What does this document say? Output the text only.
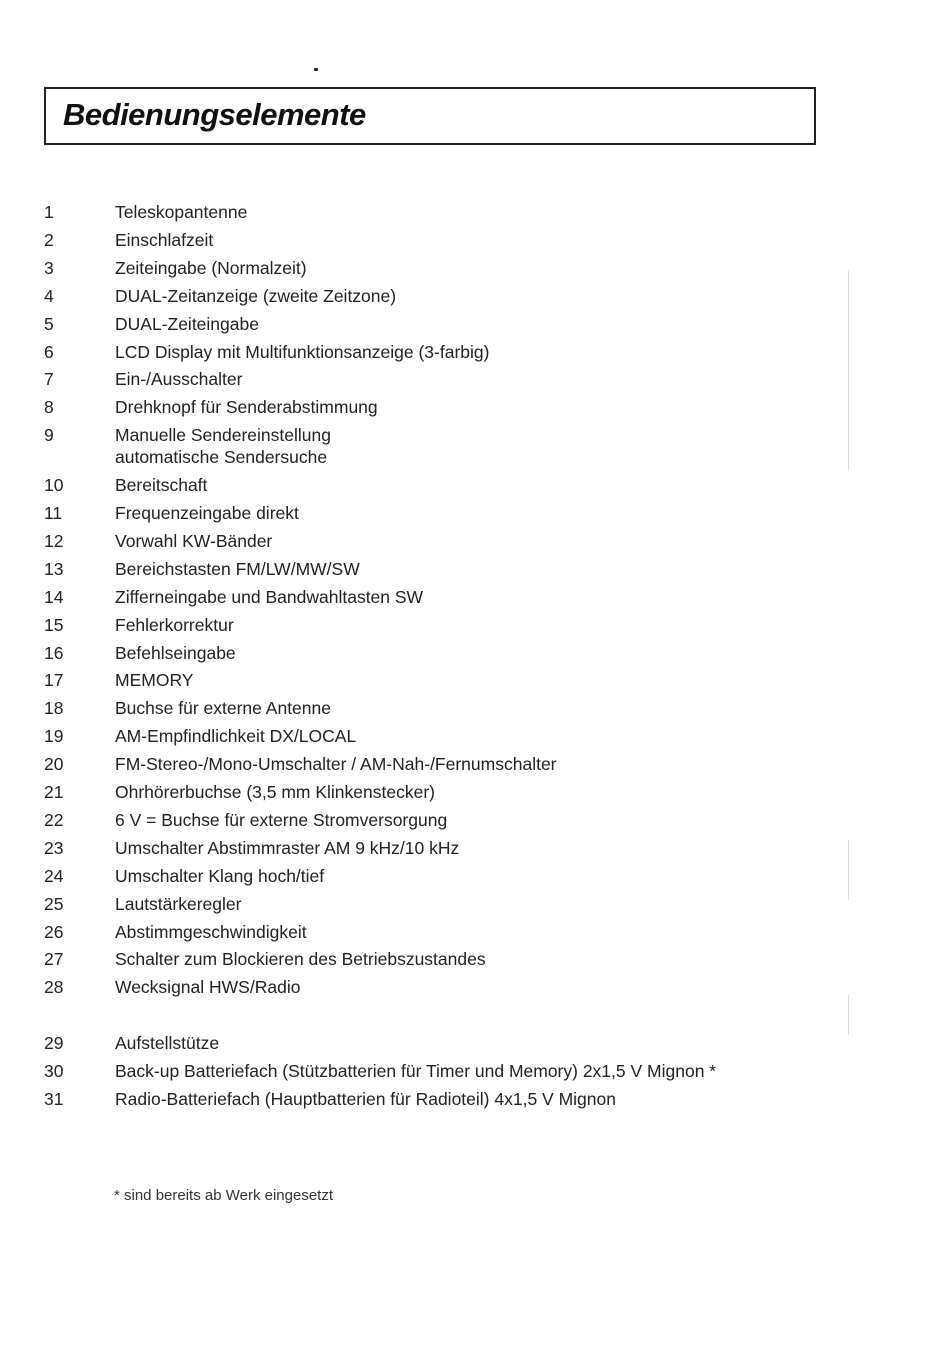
Bedienungselemente
1	Teleskopantenne
2	Einschlafzeit
3	Zeiteingabe (Normalzeit)
4	DUAL-Zeitanzeige (zweite Zeitzone)
5	DUAL-Zeiteingabe
6	LCD Display mit Multifunktionsanzeige (3-farbig)
7	Ein-/Ausschalter
8	Drehknopf für Senderabstimmung
9	Manuelle Sendereinstellung
automatische Sendersuche
10	Bereitschaft
11	Frequenzeingabe direkt
12	Vorwahl KW-Bänder
13	Bereichstasten FM/LW/MW/SW
14	Zifferneingabe und Bandwahltasten SW
15	Fehlerkorrektur
16	Befehlseingabe
17	MEMORY
18	Buchse für externe Antenne
19	AM-Empfindlichkeit DX/LOCAL
20	FM-Stereo-/Mono-Umschalter / AM-Nah-/Fernumschalter
21	Ohrhörerbuchse (3,5 mm Klinkenstecker)
22	6 V = Buchse für externe Stromversorgung
23	Umschalter Abstimmraster AM 9 kHz/10 kHz
24	Umschalter Klang hoch/tief
25	Lautstärkeregler
26	Abstimmgeschwindigkeit
27	Schalter zum Blockieren des Betriebszustandes
28	Wecksignal HWS/Radio
29	Aufstellstütze
30	Back-up Batteriefach (Stützbatterien für Timer und Memory) 2x1,5 V Mignon *
31	Radio-Batteriefach (Hauptbatterien für Radioteil) 4x1,5 V Mignon
* sind bereits ab Werk eingesetzt
